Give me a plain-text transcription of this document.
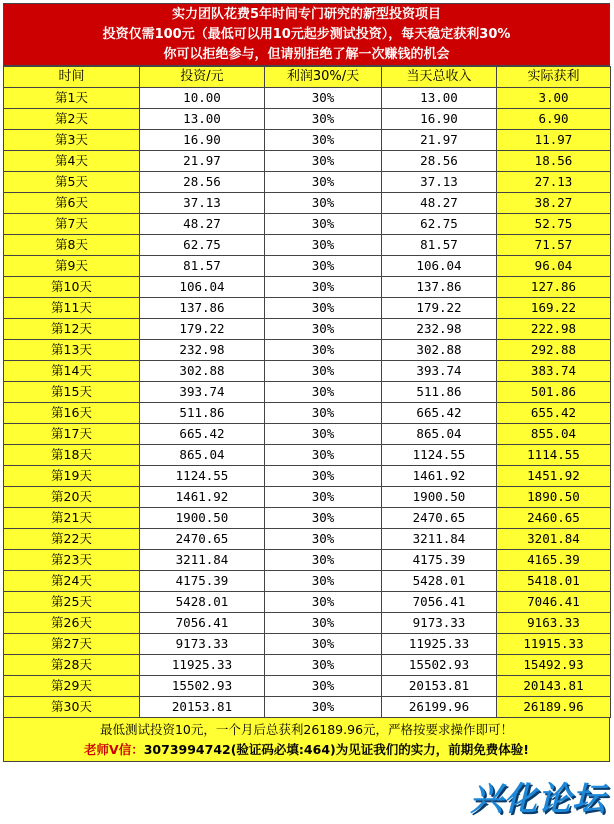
实力团队花费5年时间专门研究的新型投资项目
投资仅需100元（最低可以用10元起步测试投资），每天稳定获利30%
你可以拒绝参与，但请别拒绝了解一次赚钱的机会
时间	投资/元	利润30%/天	当天总收入	实际获利
第1天	10.00	30%	13.00	3.00
第2天	13.00	30%	16.90	6.90
第3天	16.90	30%	21.97	11.97
第4天	21.97	30%	28.56	18.56
第5天	28.56	30%	37.13	27.13
第6天	37.13	30%	48.27	38.27
第7天	48.27	30%	62.75	52.75
第8天	62.75	30%	81.57	71.57
第9天	81.57	30%	106.04	96.04
第10天	106.04	30%	137.86	127.86
第11天	137.86	30%	179.22	169.22
第12天	179.22	30%	232.98	222.98
第13天	232.98	30%	302.88	292.88
第14天	302.88	30%	393.74	383.74
第15天	393.74	30%	511.86	501.86
第16天	511.86	30%	665.42	655.42
第17天	665.42	30%	865.04	855.04
第18天	865.04	30%	1124.55	1114.55
第19天	1124.55	30%	1461.92	1451.92
第20天	1461.92	30%	1900.50	1890.50
第21天	1900.50	30%	2470.65	2460.65
第22天	2470.65	30%	3211.84	3201.84
第23天	3211.84	30%	4175.39	4165.39
第24天	4175.39	30%	5428.01	5418.01
第25天	5428.01	30%	7056.41	7046.41
第26天	7056.41	30%	9173.33	9163.33
第27天	9173.33	30%	11925.33	11915.33
第28天	11925.33	30%	15502.93	15492.93
第29天	15502.93	30%	20153.81	20143.81
第30天	20153.81	30%	26199.96	26189.96
最低测试投资10元，一个月后总获利26189.96元，严格按要求操作即可！
老师V信：3073994742(验证码必填:464)为见证我们的实力，前期免费体验!
兴化论坛
